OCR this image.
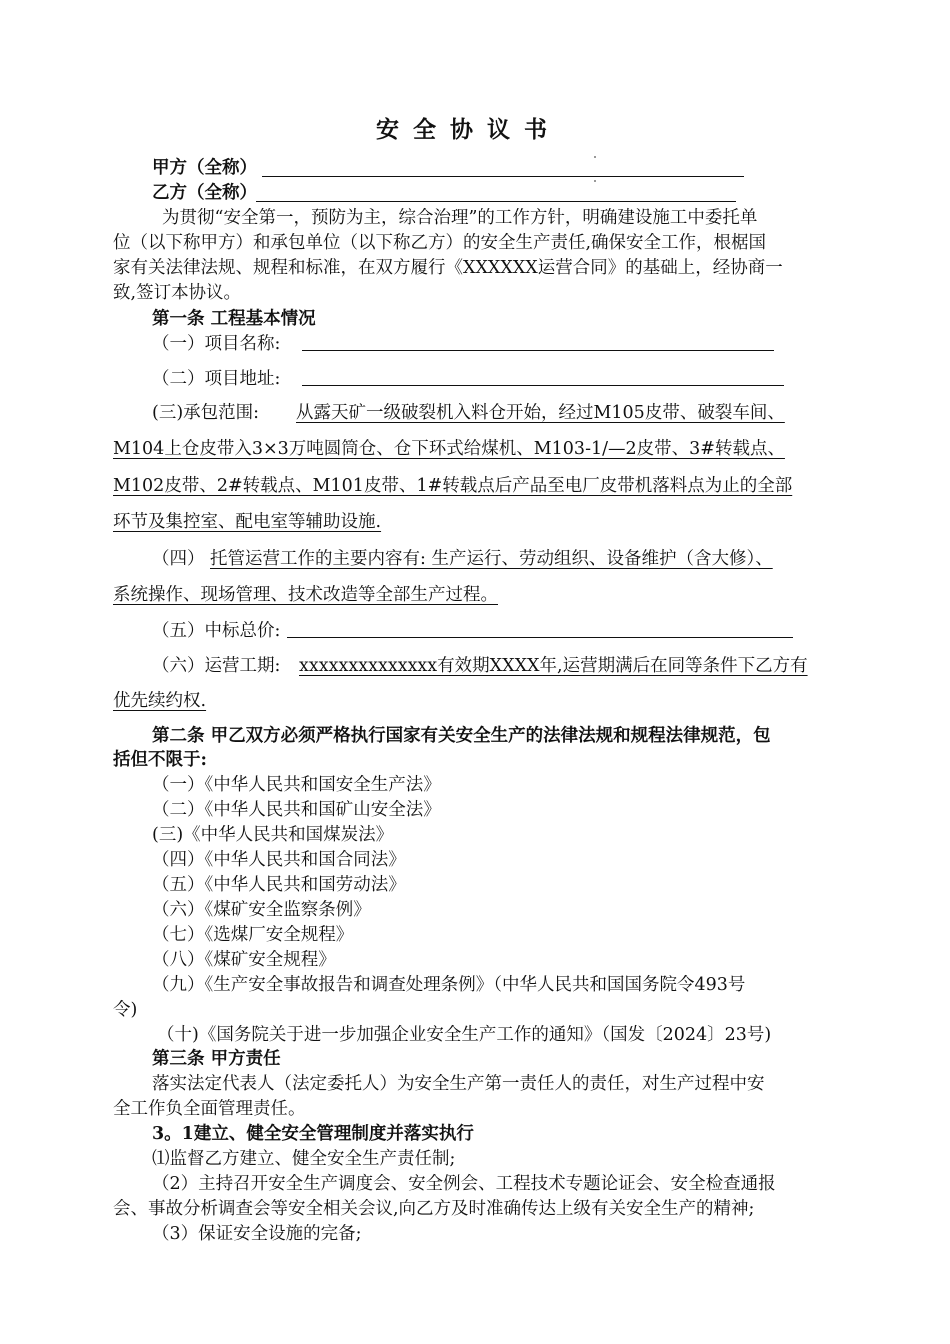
安全协议书
甲方（全称）
乙方（全称）
为贯彻“安全第一，预防为主，综合治理”的工作方针，明确建设施工中委托单
位（以下称甲方）和承包单位（以下称乙方）的安全生产责任,确保安全工作，根椐国
家有关法律法规、规程和标准，在双方履行《XXXXXX运营合同》的基础上，经协商一
致,签订本协议。
第一条 工程基本情况
（一）项目名称:
（二）项目地址:
(三)承包范围: 从露天矿一级破裂机入料仓开始，经过M105皮带、破裂车间、
M104上仓皮带入3×3万吨圆筒仓、仓下环式给煤机、M103-1/—2皮带、3#转载点、
M102皮带、2#转载点、M101皮带、1#转载点后产品至电厂皮带机落料点为止的全部
环节及集控室、配电室等辅助设施.
（四） 托管运营工作的主要内容有: 生产运行、劳动组织、设备维护（含大修）、
系统操作、现场管理、技术改造等全部生产过程。
（五）中标总价:
（六）运营工期: xxxxxxxxxxxxxx有效期XXXX年,运营期满后在同等条件下乙方有
优先续约权.
第二条 甲乙双方必须严格执行国家有关安全生产的法律法规和规程法律规范，包
括但不限于:
（一）《中华人民共和国安全生产法》
（二）《中华人民共和国矿山安全法》
(三)《中华人民共和国煤炭法》
（四）《中华人民共和国合同法》
（五）《中华人民共和国劳动法》
（六）《煤矿安全监察条例》
（七）《选煤厂安全规程》
（八）《煤矿安全规程》
（九）《生产安全事故报告和调查处理条例》（中华人民共和国国务院令493号
令)
（十)《国务院关于进一步加强企业安全生产工作的通知》（国发〔2024〕23号)
第三条 甲方责任
落实法定代表人（法定委托人）为安全生产第一责任人的责任，对生产过程中安
全工作负全面管理责任。
3。1建立、健全安全管理制度并落实执行
⑴监督乙方建立、健全安全生产责任制;
（2）主持召开安全生产调度会、安全例会、工程技术专题论证会、安全检查通报
会、事故分析调查会等安全相关会议,向乙方及时准确传达上级有关安全生产的精神;
（3）保证安全设施的完备;
